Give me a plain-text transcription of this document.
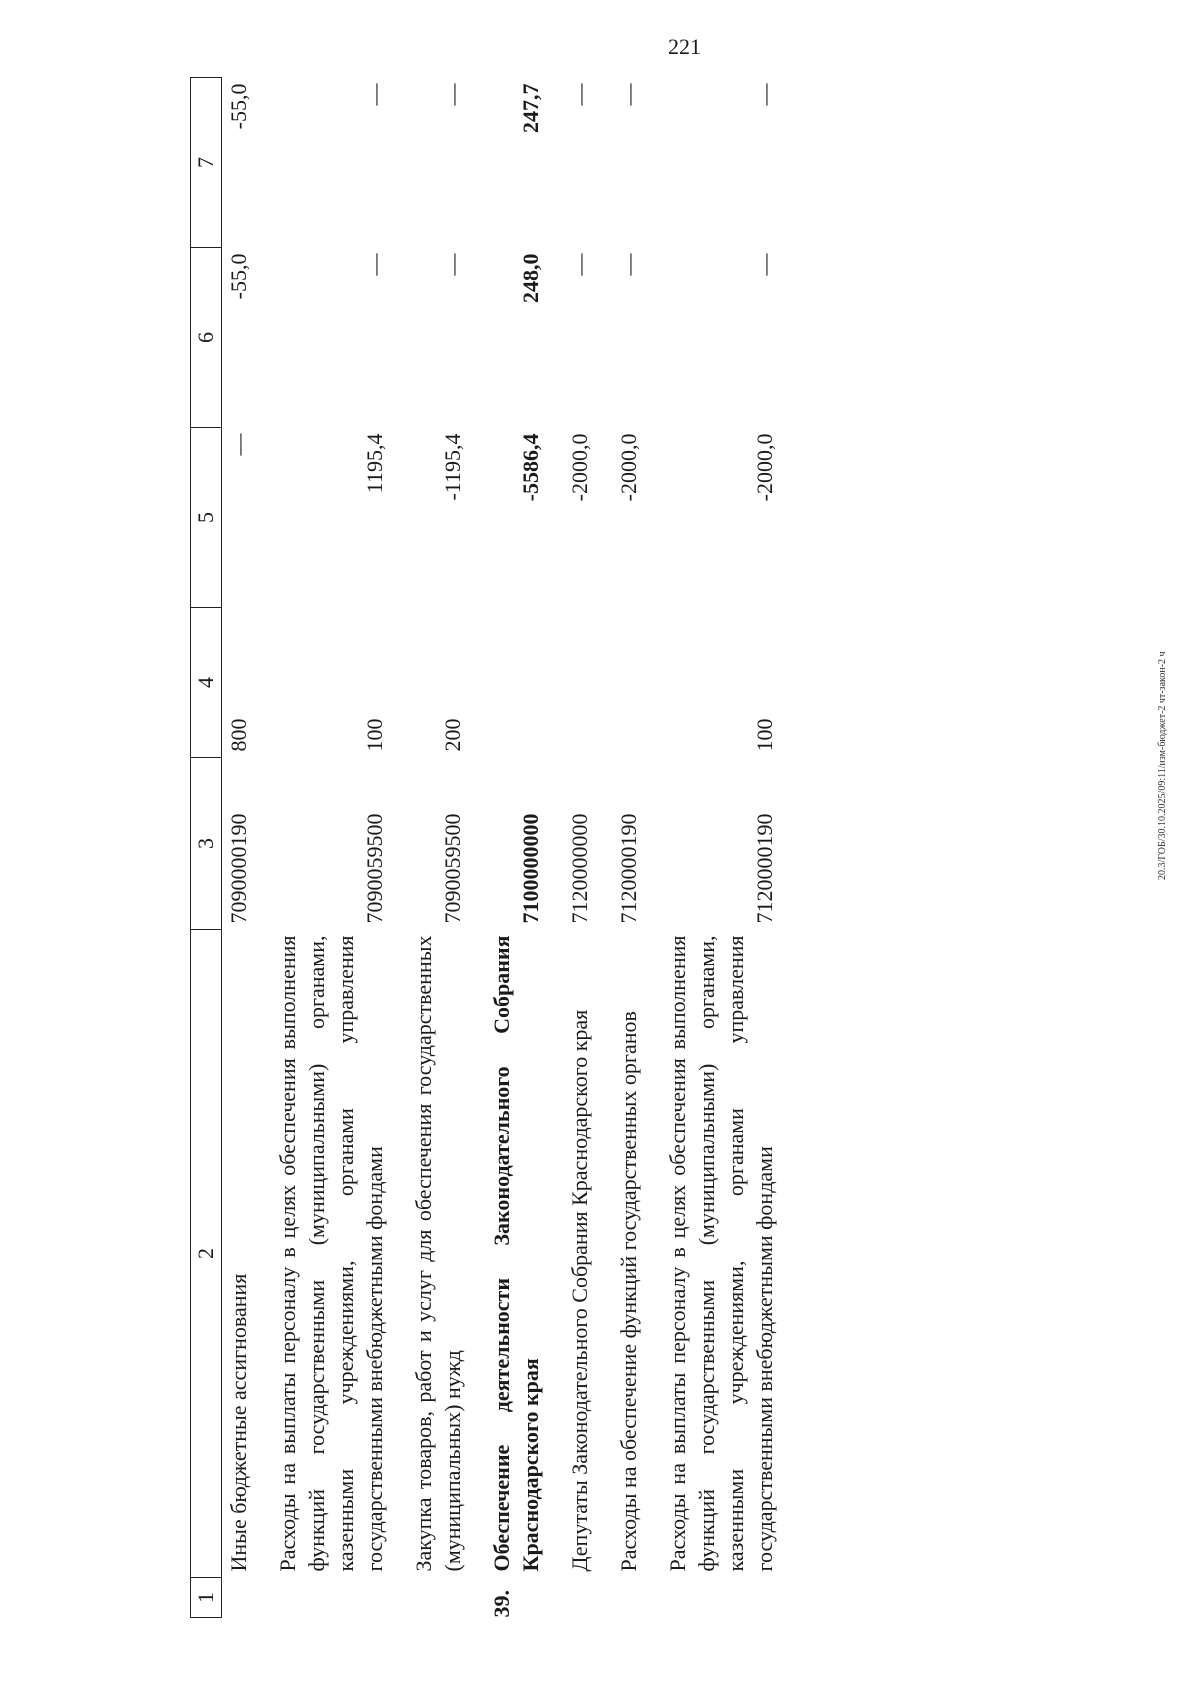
221
20.3/ГОБ/30.10.2025/09:11/изм-бюджет-2 чт-закон-2 ч
1	2	3	4	5	6	7
	Иные бюджетные ассигнования	7090000190	800	—	-55,0	-55,0
	Расходы на выплаты персоналу в целях обеспечения выполнения функций государственными (муниципальными) органами, казенными учреждениями, органами управления государственными внебюджетными фондами	7090059500	100	1195,4	—	—
	Закупка товаров, работ и услуг для обеспечения государственных (муниципальных) нужд	7090059500	200	-1195,4	—	—
39.	Обеспечение деятельности Законодательного Собрания Краснодарского края	7100000000		-5586,4	248,0	247,7
	Депутаты Законодательного Собрания Краснодарского края	7120000000		-2000,0	—	—
	Расходы на обеспечение функций государственных органов	7120000190		-2000,0	—	—
	Расходы на выплаты персоналу в целях обеспечения выполнения функций государственными (муниципальными) органами, казенными учреждениями, органами управления государственными внебюджетными фондами	7120000190	100	-2000,0	—	—
